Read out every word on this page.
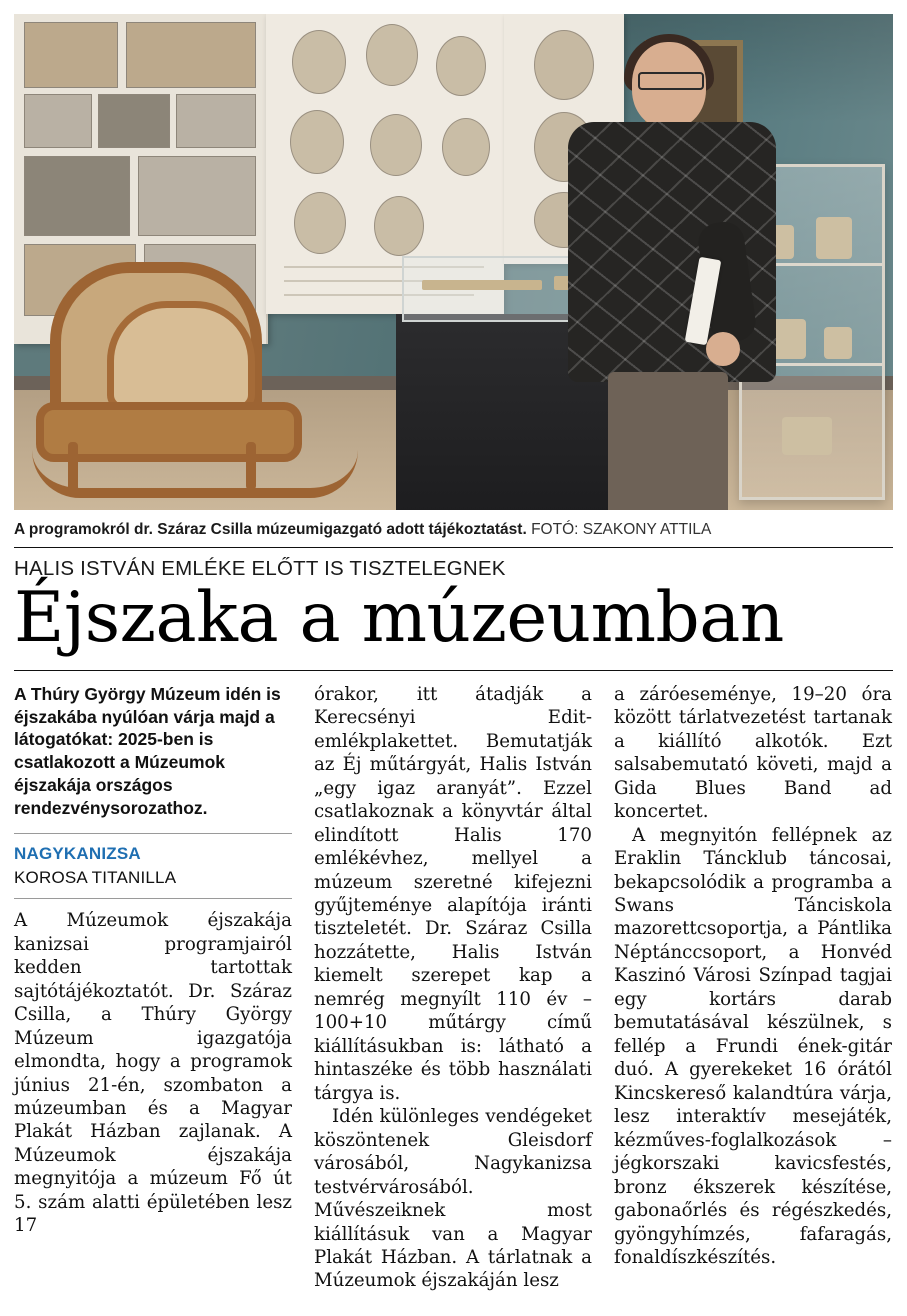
A programokról dr. Száraz Csilla múzeumigazgató adott tájékoztatást. FOTÓ: SZAKONY ATTILA
HALIS ISTVÁN EMLÉKE ELŐTT IS TISZTELEGNEK
Éjszaka a múzeumban
A Thúry György Múzeum idén is éjszakába nyúlóan várja majd a látogatókat: 2025-ben is csatlakozott a Múzeumok éjszakája országos rendezvénysorozathoz.
NAGYKANIZSA
KOROSA TITANILLA

A Múzeumok éjszakája kanizsai programjairól kedden tartottak sajtótájékoztatót. Dr. Száraz Csilla, a Thúry György Múzeum igazgatója elmondta, hogy a programok június 21-én, szombaton a múzeumban és a Magyar Plakát Házban zajlanak. A Múzeumok éjszakája megnyitója a múzeum Fő út 5. szám alatti épületében lesz 17

órakor, itt átadják a Kerecsényi Edit-emlékplakettet. Bemutatják az Éj műtárgyát, Halis István „egy igaz aranyát”. Ezzel csatlakoznak a könyvtár által elindított Halis 170 emlékévhez, mellyel a múzeum szeretné kifejezni gyűjteménye alapítója iránti tiszteletét. Dr. Száraz Csilla hozzátette, Halis István kiemelt szerepet kap a nemrég megnyílt 110 év – 100+10 műtárgy című kiállításukban is: látható a hintaszéke és több használati tárgya is.

Idén különleges vendégeket köszöntenek Gleisdorf városából, Nagykanizsa testvérvárosából. Művészeiknek most kiállításuk van a Magyar Plakát Házban. A tárlatnak a Múzeumok éjszakáján lesz

a záróeseménye, 19–20 óra között tárlatvezetést tartanak a kiállító alkotók. Ezt salsabemutató követi, majd a Gida Blues Band ad koncertet.

A megnyitón fellépnek az Eraklin Táncklub táncosai, bekapcsolódik a programba a Swans Tánciskola mazorettcsoportja, a Pántlika Néptánccsoport, a Honvéd Kaszinó Városi Színpad tagjai egy kortárs darab bemutatásával készülnek, s fellép a Frundi ének-gitár duó. A gyerekeket 16 órától Kincskereső kalandtúra várja, lesz interaktív mesejáték, kézműves-foglalkozások – jégkorszaki kavicsfestés, bronz ékszerek készítése, gabonaőrlés és régészkedés, gyöngyhímzés, fafaragás, fonaldíszkészítés.
